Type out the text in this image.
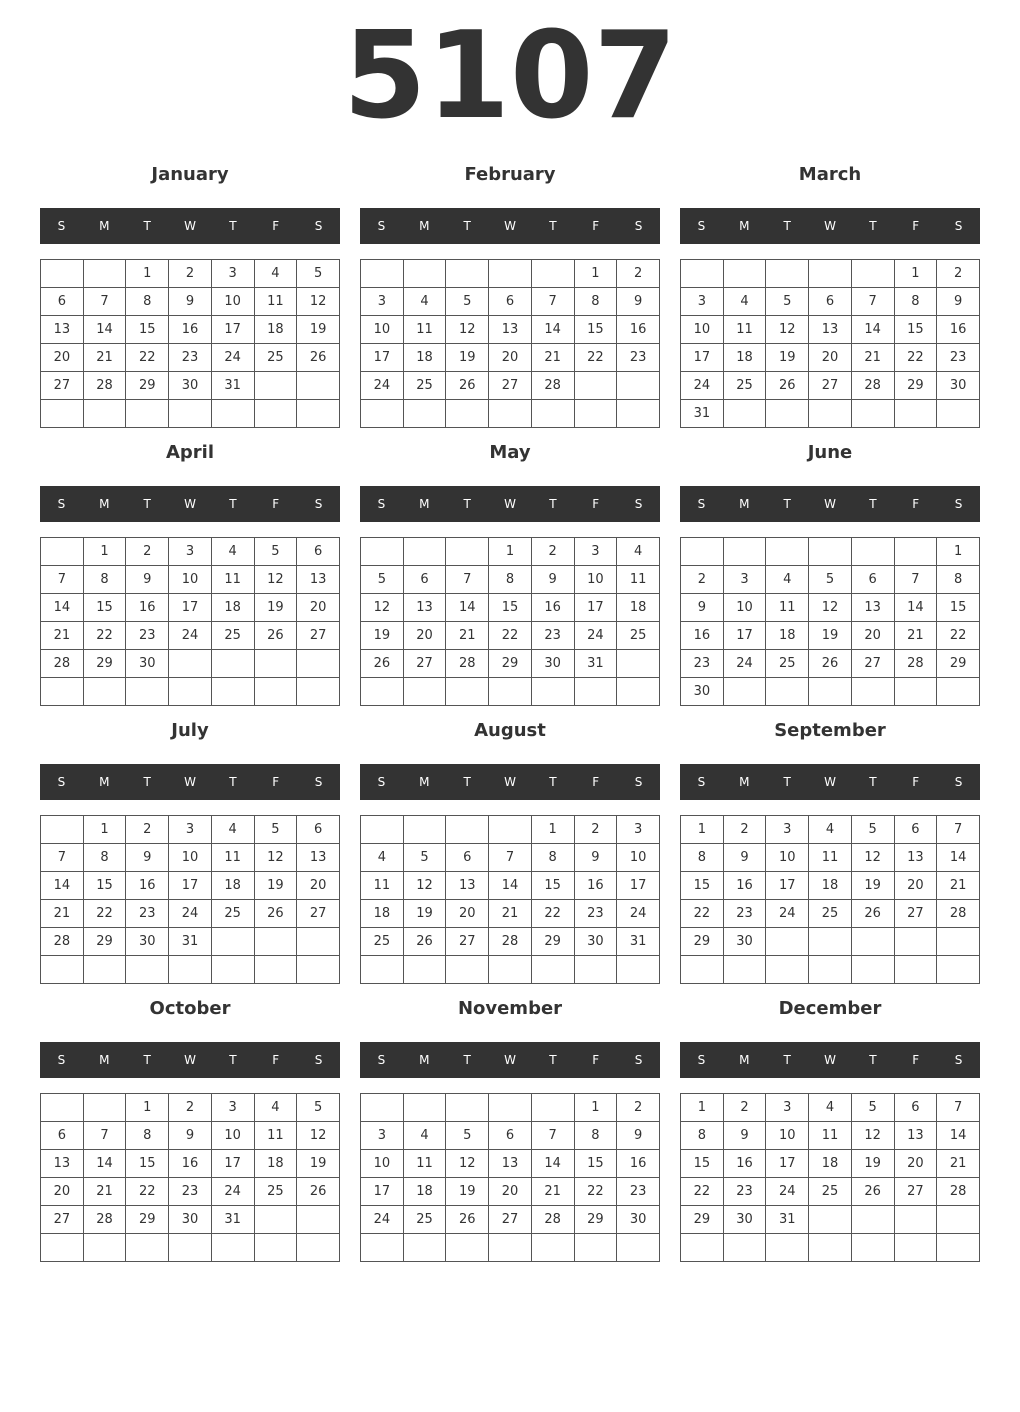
5107
January
S	M	T	W	T	F	S
		1	2	3	4	5
6	7	8	9	10	11	12
13	14	15	16	17	18	19
20	21	22	23	24	25	26
27	28	29	30	31		

February
S	M	T	W	T	F	S
					1	2
3	4	5	6	7	8	9
10	11	12	13	14	15	16
17	18	19	20	21	22	23
24	25	26	27	28		

March
S	M	T	W	T	F	S
					1	2
3	4	5	6	7	8	9
10	11	12	13	14	15	16
17	18	19	20	21	22	23
24	25	26	27	28	29	30
31						
April
S	M	T	W	T	F	S
	1	2	3	4	5	6
7	8	9	10	11	12	13
14	15	16	17	18	19	20
21	22	23	24	25	26	27
28	29	30				

May
S	M	T	W	T	F	S
			1	2	3	4
5	6	7	8	9	10	11
12	13	14	15	16	17	18
19	20	21	22	23	24	25
26	27	28	29	30	31	

June
S	M	T	W	T	F	S
						1
2	3	4	5	6	7	8
9	10	11	12	13	14	15
16	17	18	19	20	21	22
23	24	25	26	27	28	29
30						
July
S	M	T	W	T	F	S
	1	2	3	4	5	6
7	8	9	10	11	12	13
14	15	16	17	18	19	20
21	22	23	24	25	26	27
28	29	30	31			

August
S	M	T	W	T	F	S
				1	2	3
4	5	6	7	8	9	10
11	12	13	14	15	16	17
18	19	20	21	22	23	24
25	26	27	28	29	30	31

September
S	M	T	W	T	F	S
1	2	3	4	5	6	7
8	9	10	11	12	13	14
15	16	17	18	19	20	21
22	23	24	25	26	27	28
29	30					

October
S	M	T	W	T	F	S
		1	2	3	4	5
6	7	8	9	10	11	12
13	14	15	16	17	18	19
20	21	22	23	24	25	26
27	28	29	30	31		

November
S	M	T	W	T	F	S
					1	2
3	4	5	6	7	8	9
10	11	12	13	14	15	16
17	18	19	20	21	22	23
24	25	26	27	28	29	30

December
S	M	T	W	T	F	S
1	2	3	4	5	6	7
8	9	10	11	12	13	14
15	16	17	18	19	20	21
22	23	24	25	26	27	28
29	30	31				
